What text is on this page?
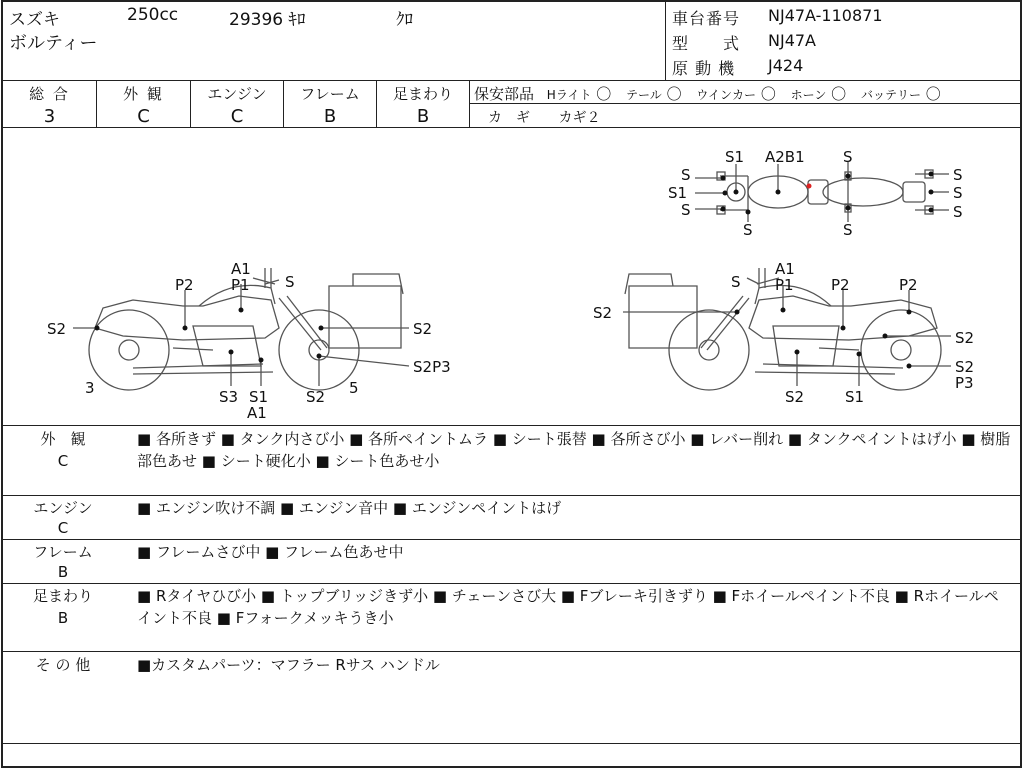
スズキ	250cc	29396 ｷﾛ	ｸﾛ
ボルティー
車台番号	NJ47A-110871
型　　式	NJ47A
原 動 機	J424
総 合
3
外 観
C
エンジン
C
フレーム
B
足まわり
B
保安部品 Hライト 〇 テール 〇 ウインカー 〇 ホーン 〇 バッテリー 〇
カ　ギ カギ２
S1 A2B1	S
S
S1
S
S	S
S
S
S
A1
P1 S
P2
S2	S2
S2P3
3	S3 S1
A1
S2 5
A1
S P1 P2	P2
S2
S2
S2
P3
S2	S1
外　観
C
■ 各所きず ■ タンク内さび小 ■ 各所ペイントムラ ■ シート張替 ■ 各所さび小 ■ レバー削れ ■ タンクペイントはげ小 ■ 樹脂部色あせ ■ シート硬化小 ■ シート色あせ小
エンジン
C
■ エンジン吹け不調 ■ エンジン音中 ■ エンジンペイントはげ
フレーム
B
■ フレームさび中 ■ フレーム色あせ中
足まわり
B
■ Rタイヤひび小 ■ トップブリッジきず小 ■ チェーンさび大 ■ Fブレーキ引きずり ■ Fホイールペイント不良 ■ Rホイールペイント不良 ■ Fフォークメッキうき小
そ の 他	■カスタムパーツ：マフラー Rサス ハンドル
